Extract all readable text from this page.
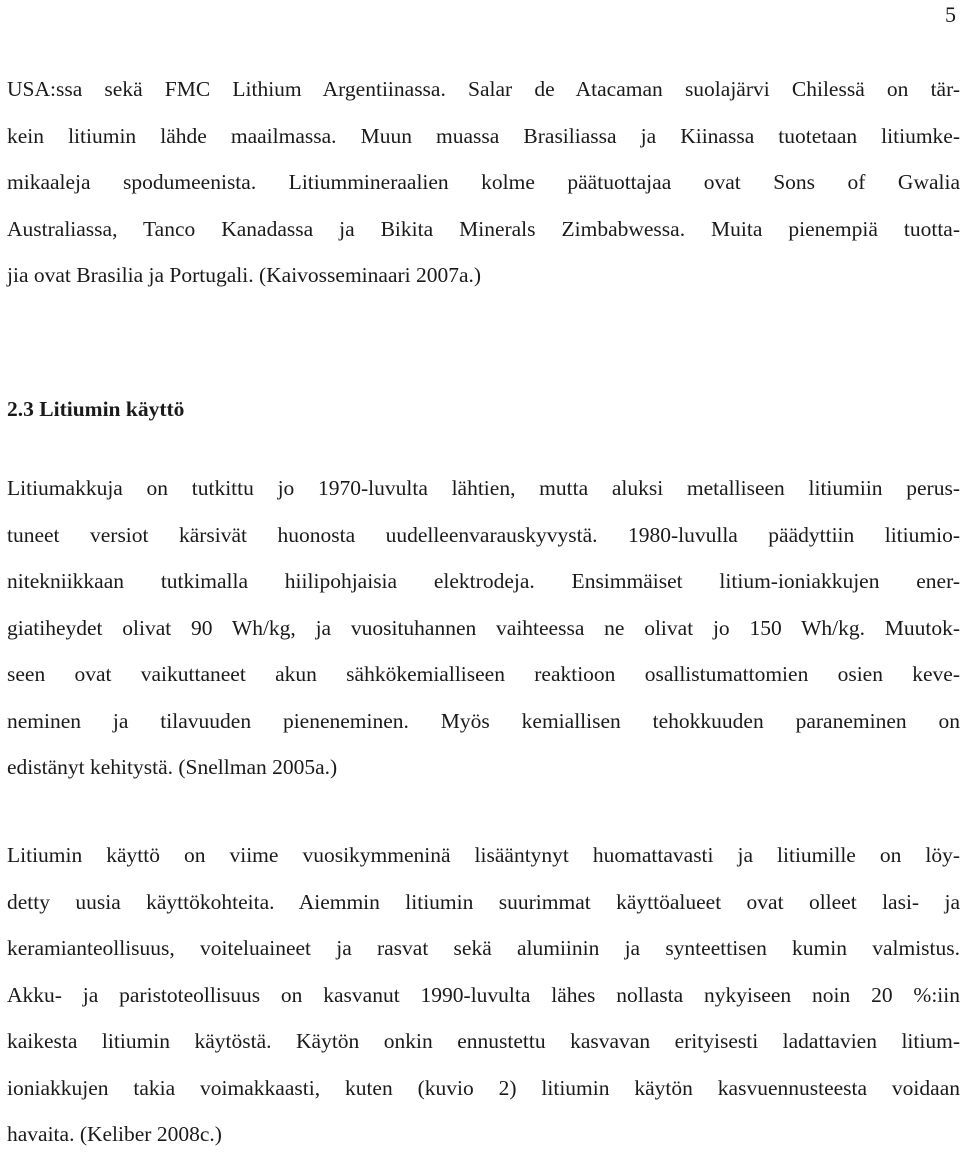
5
USA:ssa sekä FMC Lithium Argentiinassa. Salar de Atacaman suolajärvi Chilessä on tär-
kein litiumin lähde maailmassa. Muun muassa Brasiliassa ja Kiinassa tuotetaan litiumke-
mikaaleja spodumeenista. Litiummineraalien kolme päätuottajaa ovat Sons of Gwalia
Australiassa, Tanco Kanadassa ja Bikita Minerals Zimbabwessa. Muita pienempiä tuotta-
jia ovat Brasilia ja Portugali. (Kaivosseminaari 2007a.)
2.3 Litiumin käyttö
Litiumakkuja on tutkittu jo 1970-luvulta lähtien, mutta aluksi metalliseen litiumiin perus-
tuneet versiot kärsivät huonosta uudelleenvarauskyvystä. 1980-luvulla päädyttiin litiumio-
nitekniikkaan tutkimalla hiilipohjaisia elektrodeja. Ensimmäiset litium-ioniakkujen ener-
giatiheydet olivat 90 Wh/kg, ja vuosituhannen vaihteessa ne olivat jo 150 Wh/kg. Muutok-
seen ovat vaikuttaneet akun sähkökemialliseen reaktioon osallistumattomien osien keve-
neminen ja tilavuuden pieneneminen. Myös kemiallisen tehokkuuden paraneminen on
edistänyt kehitystä. (Snellman 2005a.)
Litiumin käyttö on viime vuosikymmeninä lisääntynyt huomattavasti ja litiumille on löy-
detty uusia käyttökohteita. Aiemmin litiumin suurimmat käyttöalueet ovat olleet lasi- ja
keramianteollisuus, voiteluaineet ja rasvat sekä alumiinin ja synteettisen kumin valmistus.
Akku- ja paristoteollisuus on kasvanut 1990-luvulta lähes nollasta nykyiseen noin 20 %:iin
kaikesta litiumin käytöstä. Käytön onkin ennustettu kasvavan erityisesti ladattavien litium-
ioniakkujen takia voimakkaasti, kuten (kuvio 2) litiumin käytön kasvuennusteesta voidaan
havaita. (Keliber 2008c.)
